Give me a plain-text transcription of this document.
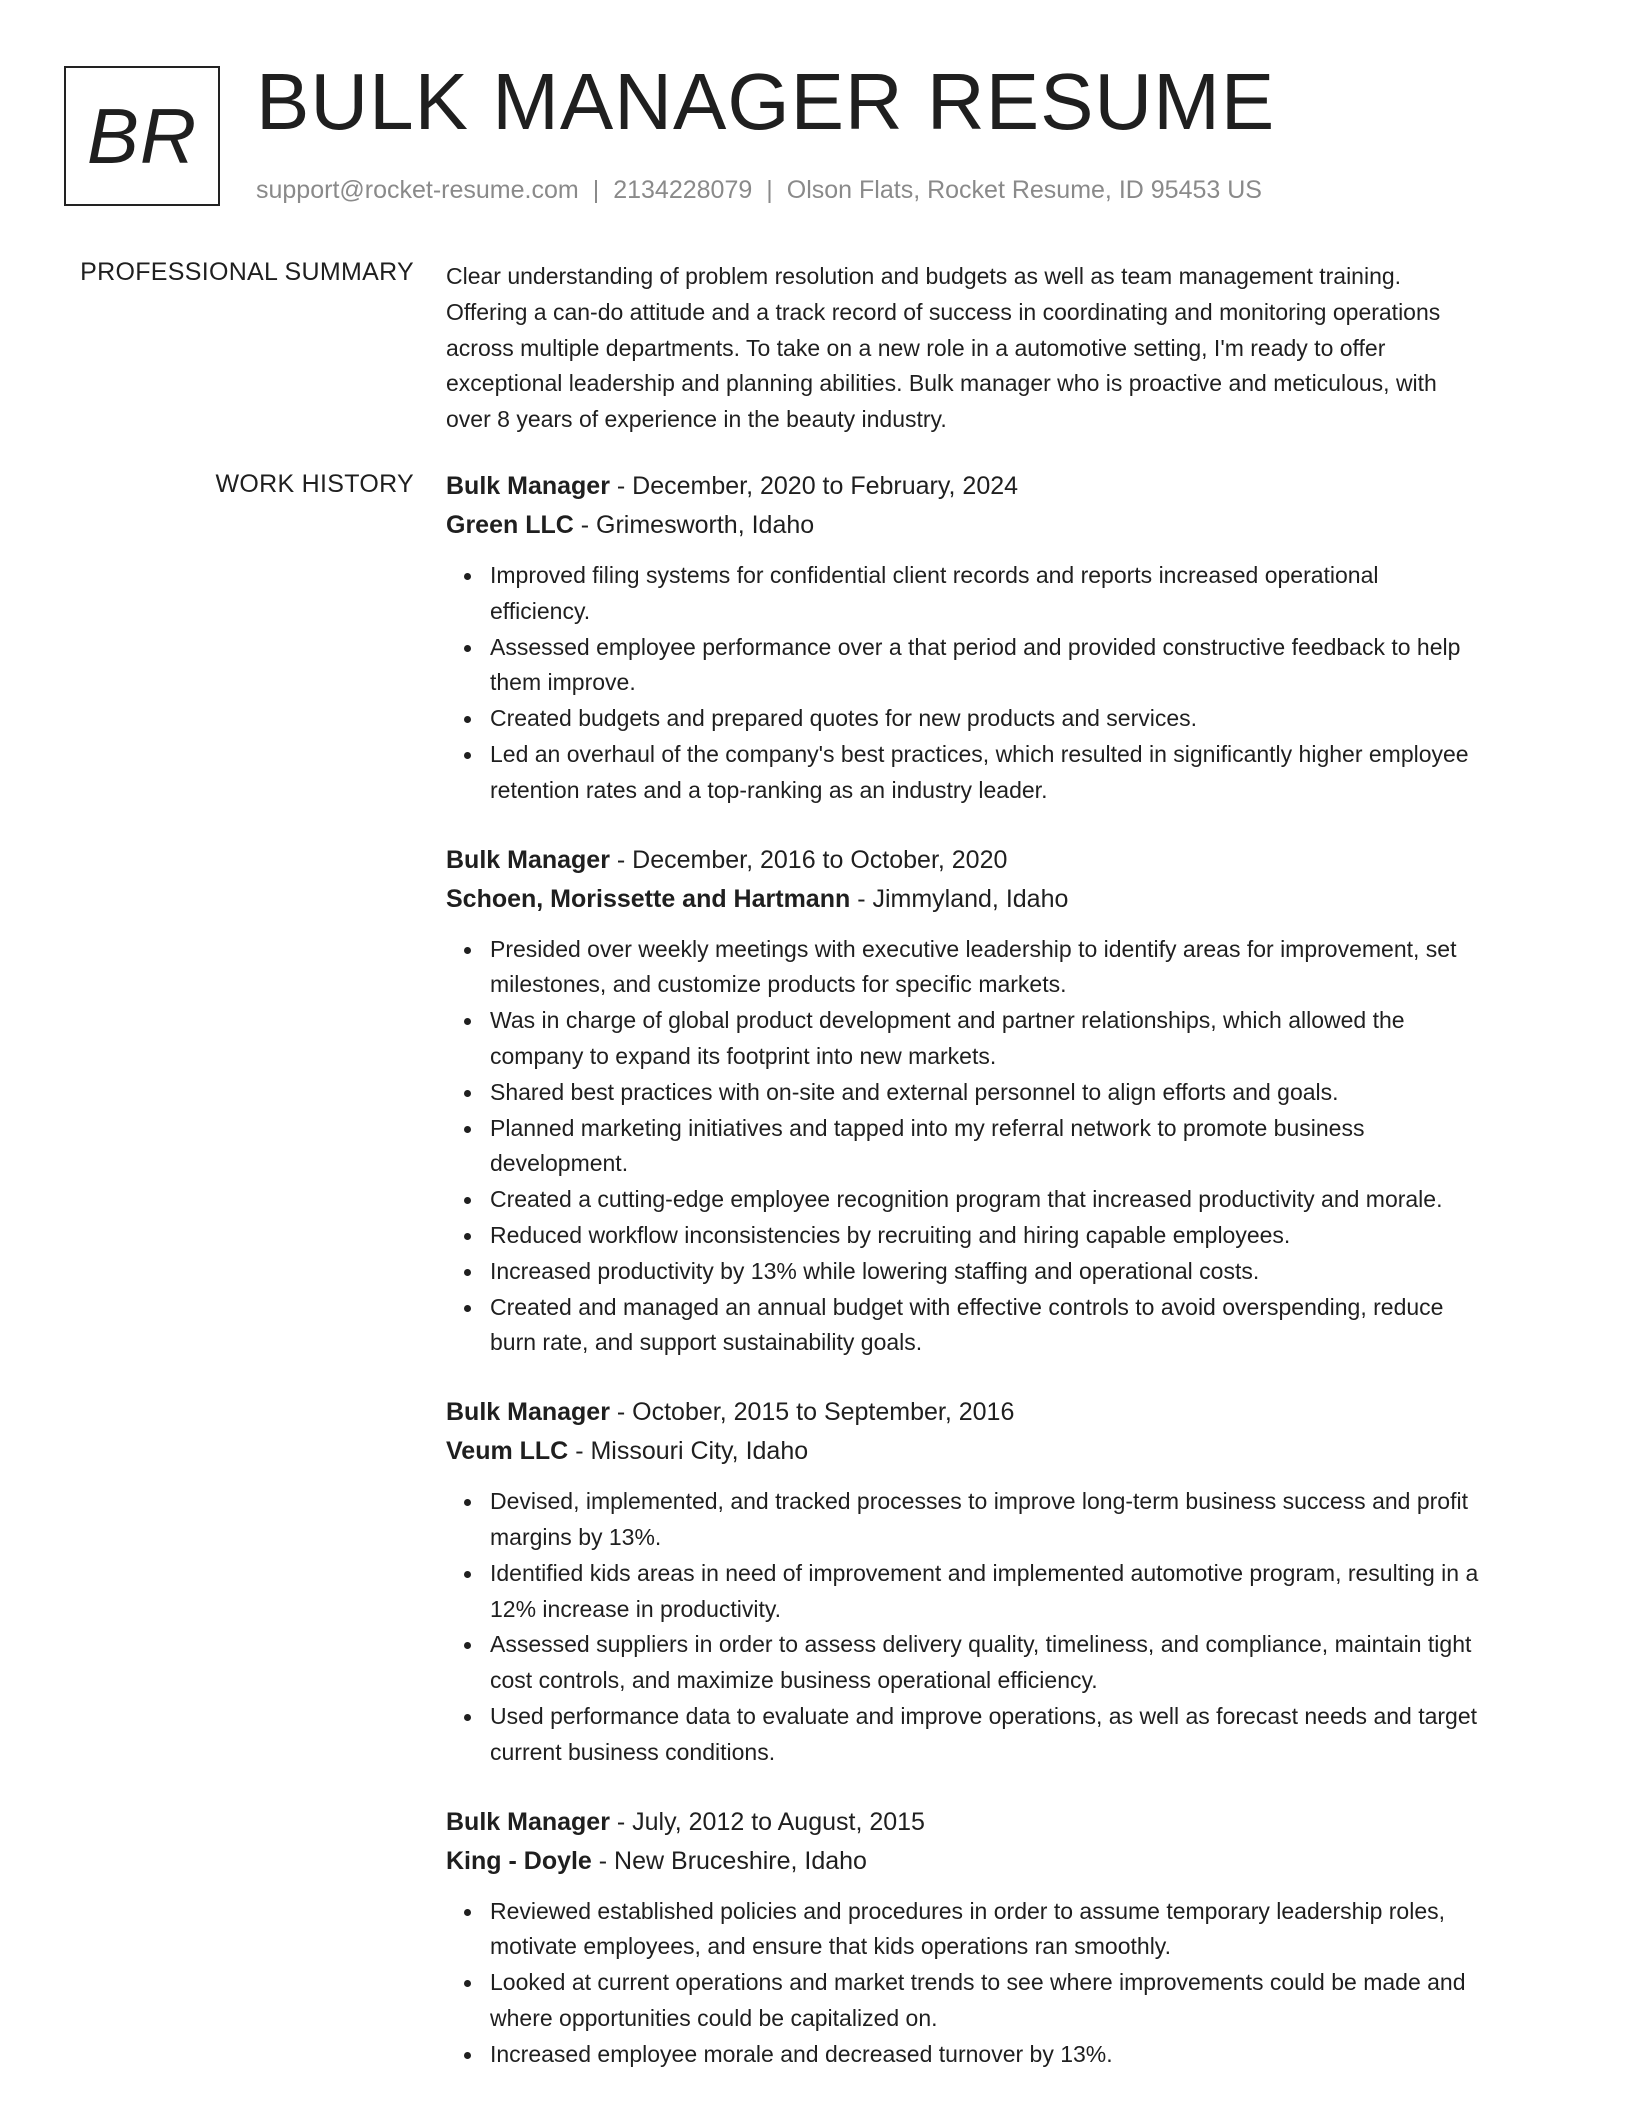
BR BULK MANAGER RESUME
support@rocket-resume.com | 2134228079 | Olson Flats, Rocket Resume, ID 95453 US
PROFESSIONAL SUMMARY Clear understanding of problem resolution and budgets as well as team management training.
Offering a can-do attitude and a track record of success in coordinating and monitoring operations
across multiple departments. To take on a new role in a automotive setting, I'm ready to offer
exceptional leadership and planning abilities. Bulk manager who is proactive and meticulous, with
over 8 years of experience in the beauty industry.

WORK HISTORY Bulk Manager - December, 2020 to February, 2024
Green LLC - Grimesworth, Idaho
Improved filing systems for confidential client records and reports increased operational
efficiency.
Assessed employee performance over a that period and provided constructive feedback to help
them improve.
Created budgets and prepared quotes for new products and services.
Led an overhaul of the company's best practices, which resulted in significantly higher employee
retention rates and a top-ranking as an industry leader.
Bulk Manager - December, 2016 to October, 2020
Schoen, Morissette and Hartmann - Jimmyland, Idaho
Presided over weekly meetings with executive leadership to identify areas for improvement, set
milestones, and customize products for specific markets.
Was in charge of global product development and partner relationships, which allowed the
company to expand its footprint into new markets.
Shared best practices with on-site and external personnel to align efforts and goals.
Planned marketing initiatives and tapped into my referral network to promote business
development.
Created a cutting-edge employee recognition program that increased productivity and morale.
Reduced workflow inconsistencies by recruiting and hiring capable employees.
Increased productivity by 13% while lowering staffing and operational costs.
Created and managed an annual budget with effective controls to avoid overspending, reduce
burn rate, and support sustainability goals.
Bulk Manager - October, 2015 to September, 2016
Veum LLC - Missouri City, Idaho
Devised, implemented, and tracked processes to improve long-term business success and profit
margins by 13%.
Identified kids areas in need of improvement and implemented automotive program, resulting in a
12% increase in productivity.
Assessed suppliers in order to assess delivery quality, timeliness, and compliance, maintain tight
cost controls, and maximize business operational efficiency.
Used performance data to evaluate and improve operations, as well as forecast needs and target
current business conditions.
Bulk Manager - July, 2012 to August, 2015
King - Doyle - New Bruceshire, Idaho
Reviewed established policies and procedures in order to assume temporary leadership roles,
motivate employees, and ensure that kids operations ran smoothly.
Looked at current operations and market trends to see where improvements could be made and
where opportunities could be capitalized on.
Increased employee morale and decreased turnover by 13%.
